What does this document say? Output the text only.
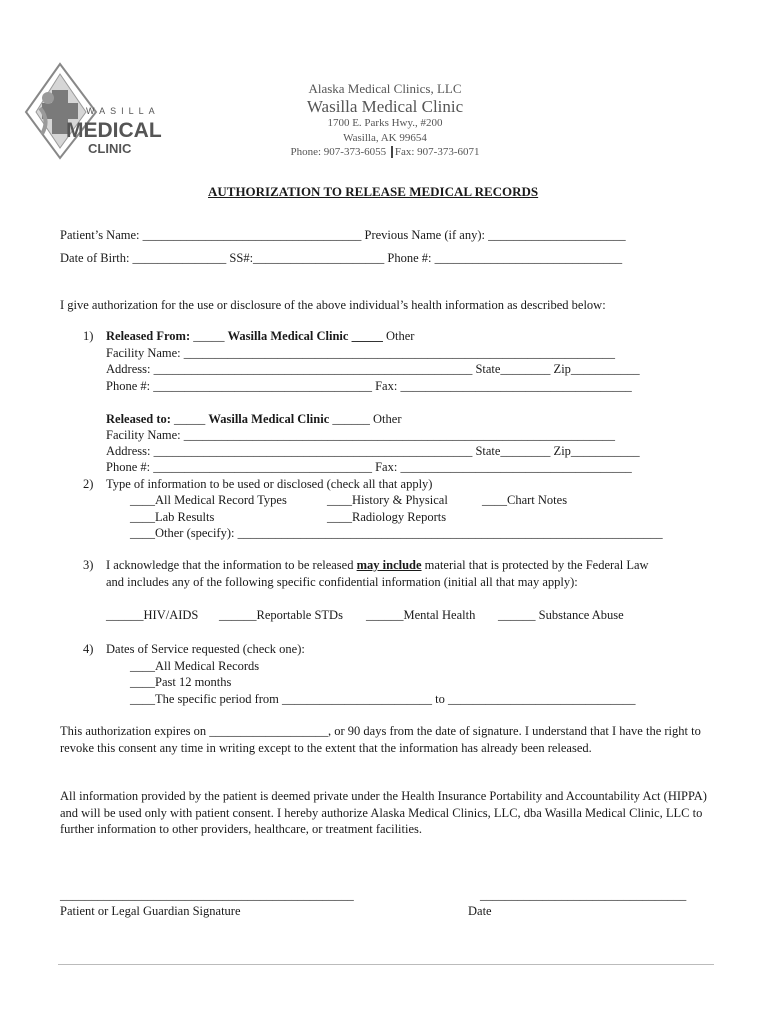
WASILLA
MEDICAL
CLINIC
Alaska Medical Clinics, LLC
Wasilla Medical Clinic
1700 E. Parks Hwy., #200
Wasilla, AK 99654
Phone: 907-373-6055 Fax: 907-373-6071
AUTHORIZATION TO RELEASE MEDICAL RECORDS
Patient’s Name: ___________________________________ Previous Name (if any): ______________________
Date of Birth: _______________ SS#:_____________________ Phone #: ______________________________
I give authorization for the use or disclosure of the above individual’s health information as described below:
1) Released From: _____ Wasilla Medical Clinic _____ Other
Facility Name: _____________________________________________________________________
Address: ___________________________________________________ State________ Zip___________
Phone #: ___________________________________ Fax: _____________________________________
Released to: _____ Wasilla Medical Clinic ______ Other
Facility Name: _____________________________________________________________________
Address: ___________________________________________________ State________ Zip___________
Phone #: ___________________________________ Fax: _____________________________________
2) Type of information to be used or disclosed (check all that apply)
____All Medical Record Types	____History & Physical	____Chart Notes
____Lab Results	____Radiology Reports
____Other (specify): ____________________________________________________________________
3) I acknowledge that the information to be released may include material that is protected by the Federal Law
and includes any of the following specific confidential information (initial all that may apply):
______HIV/AIDS ______Reportable STDs ______Mental Health ______ Substance Abuse
4) Dates of Service requested (check one):
____All Medical Records
____Past 12 months
____The specific period from ________________________ to ______________________________
This authorization expires on ___________________, or 90 days from the date of signature. I understand that I have the right to revoke this consent any time in writing except to the extent that the information has already been released.
All information provided by the patient is deemed private under the Health Insurance Portability and Accountability Act (HIPPA) and will be used only with patient consent. I hereby authorize Alaska Medical Clinics, LLC, dba Wasilla Medical Clinic, LLC to further information to other providers, healthcare, or treatment facilities.
_______________________________________________
Patient or Legal Guardian Signature
_________________________________
Date
